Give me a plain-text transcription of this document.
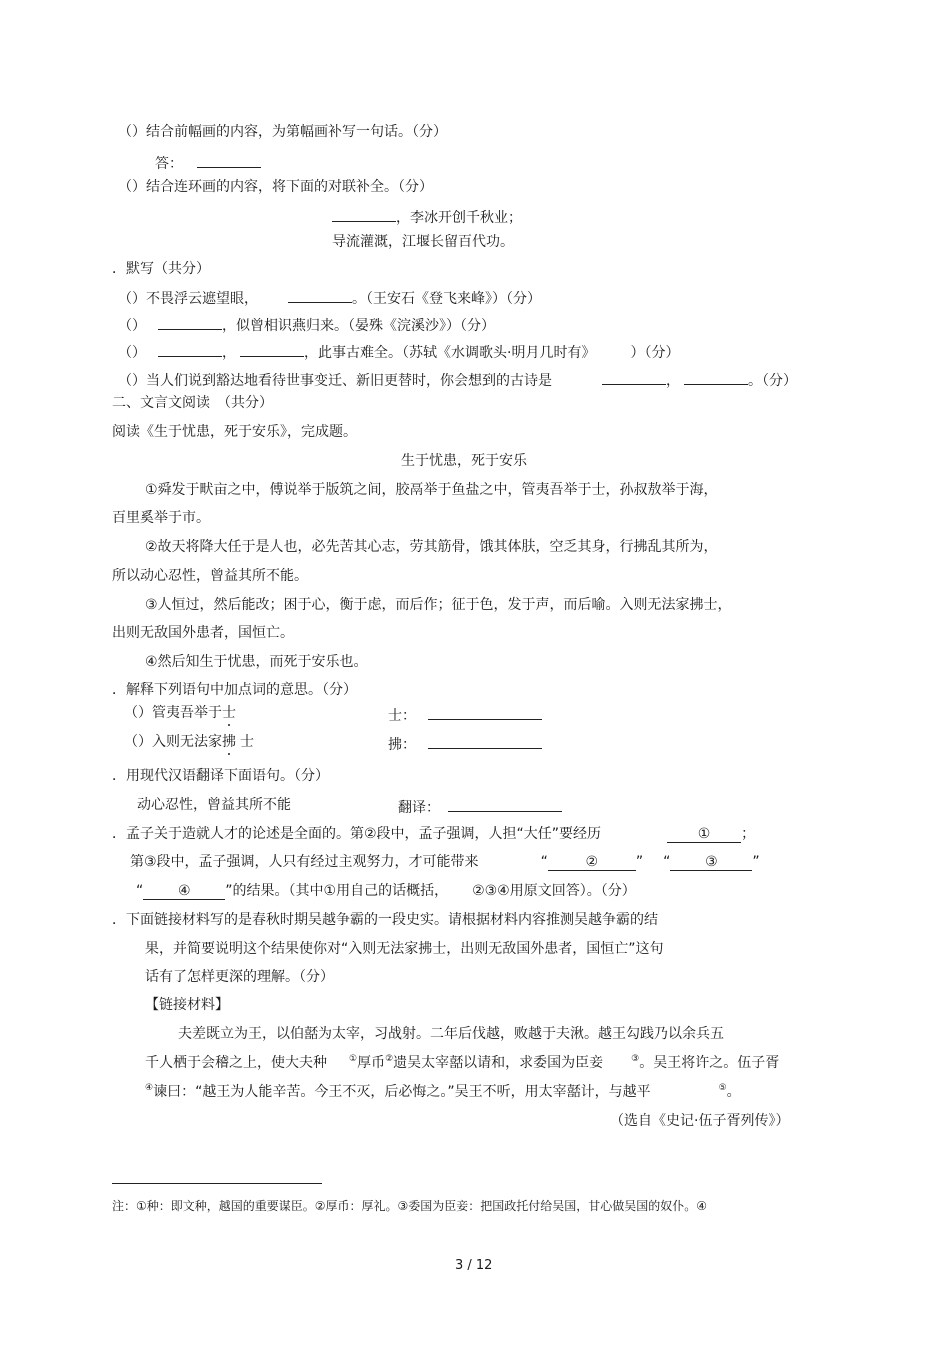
（）结合前幅画的内容，为第幅画补写一句话。（分）
答：
（）结合连环画的内容，将下面的对联补全。（分）
，李冰开创千秋业；
导流灌溉，江堰长留百代功。
．默写（共分）
（）不畏浮云遮望眼，	。（王安石《登飞来峰》）（分）
（）	，似曾相识燕归来。（晏殊《浣溪沙》）（分）
（）	，	，此事古难全。（苏轼《水调歌头·明月几时有》	）（分）
（）当人们说到豁达地看待世事变迁、新旧更替时，你会想到的古诗是	，	。（分）
二、文言文阅读　（共分）
阅读《生于忧患，死于安乐》，完成题。
生于忧患，死于安乐
①舜发于畎亩之中，傅说举于版筑之间，胶鬲举于鱼盐之中，管夷吾举于士，孙叔敖举于海，
百里奚举于市。
②故天将降大任于是人也，必先苦其心志，劳其筋骨，饿其体肤，空乏其身，行拂乱其所为，
所以动心忍性，曾益其所不能。
③人恒过，然后能改；困于心，衡于虑，而后作；征于色，发于声，而后喻。入则无法家拂士，
出则无敌国外患者，国恒亡。
④然后知生于忧患，而死于安乐也。
．解释下列语句中加点词的意思。（分）
（）管夷吾举于士	士：
（）入则无法家拂 士	拂：
．用现代汉语翻译下面语句。（分）
动心忍性，曾益其所不能	翻译：
．孟子关于造就人才的论述是全面的。第②段中，孟子强调，人担“大任”要经历	① ；
第③段中，孟子强调，人只有经过主观努力，才可能带来	“	②	” “ ③ ”
“ ④ ”的结果。（其中①用自己的话概括， ②③④用原文回答）。（分）
．下面链接材料写的是春秋时期吴越争霸的一段史实。请根据材料内容推测吴越争霸的结
果，并简要说明这个结果使你对“入则无法家拂士，出则无敌国外患者，国恒亡”这句
话有了怎样更深的理解。（分）
【链接材料】
夫差既立为王，以伯嚭为太宰，习战射。二年后伐越，败越于夫湫。越王勾践乃以余兵五
千人栖于会稽之上，使大夫种 ①厚币②遗吴太宰嚭以请和，求委国为臣妾	③。吴王将许之。伍子胥
④谏曰：“越王为人能辛苦。今王不灭，后必悔之。”吴王不听，用太宰嚭计，与越平	⑤。
（选自《史记·伍子胥列传》）
注：①种：即文种，越国的重要谋臣。②厚币：厚礼。③委国为臣妾：把国政托付给吴国，甘心做吴国的奴仆。④
3 / 12
